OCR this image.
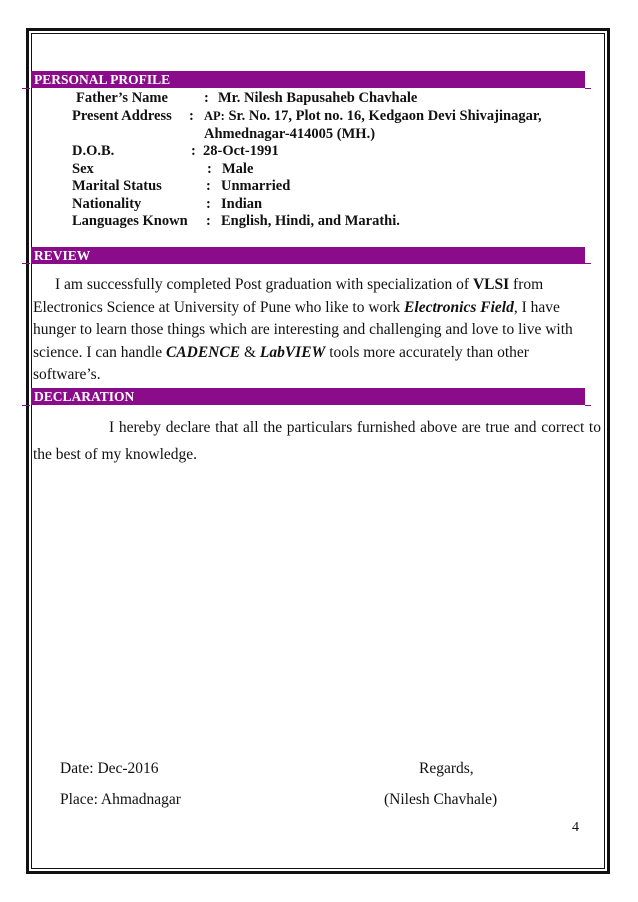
PERSONAL PROFILE
Father’s Name : Mr. Nilesh Bapusaheb Chavhale
Present Address : AP: Sr. No. 17, Plot no. 16, Kedgaon Devi Shivajinagar,
Ahmednagar-414005 (MH.)
D.O.B.	: 28-Oct-1991
Sex	: Male
Marital Status	: Unmarried
Nationality	: Indian
Languages Known : English, Hindi, and Marathi.
REVIEW
I am successfully completed Post graduation with specialization of VLSI from Electronics Science at University of Pune who like to work Electronics Field, I have hunger to learn those things which are interesting and challenging and love to live with science. I can handle CADENCE & LabVIEW tools more accurately than other software’s.
DECLARATION
I hereby declare that all the particulars furnished above are true and correct to the best of my knowledge.
Date: Dec-2016	Regards,
Place: Ahmadnagar	(Nilesh Chavhale)
4
